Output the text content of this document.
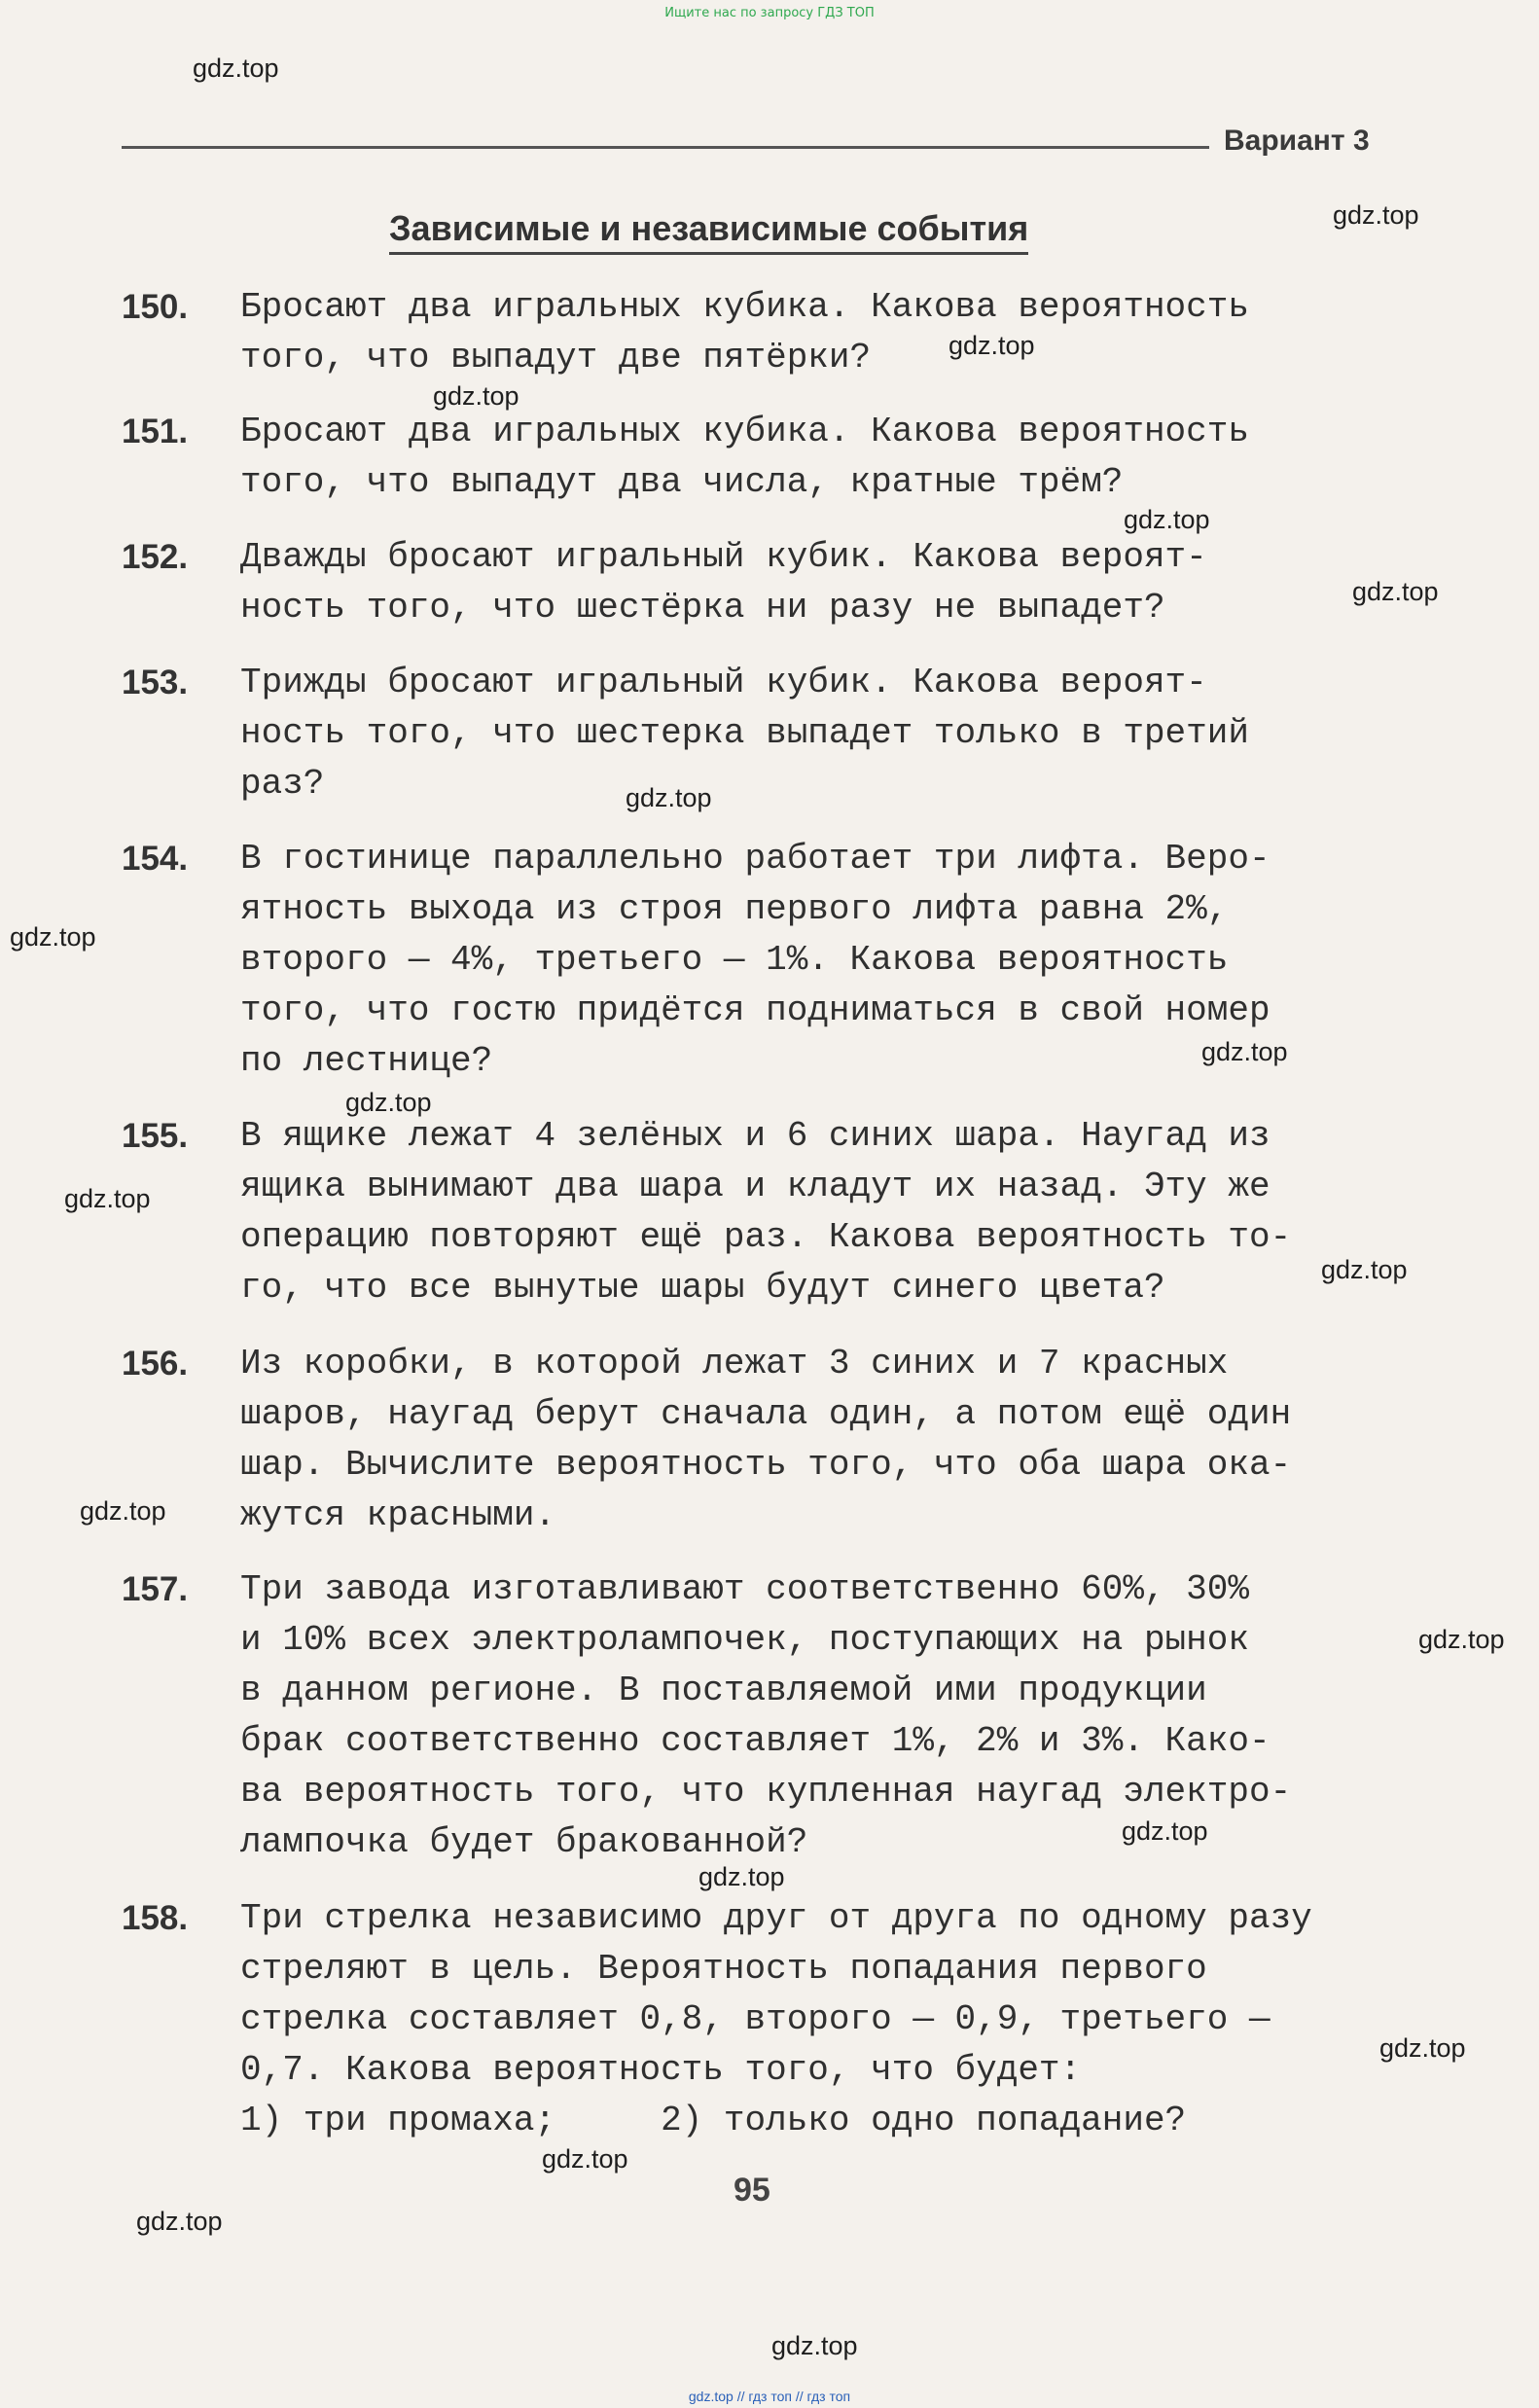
Ищите нас по запросу ГДЗ ТОП
Вариант 3
Зависимые и независимые события
150. Бросают два игральных кубика. Какова вероятность
того, что выпадут две пятёрки?
151. Бросают два игральных кубика. Какова вероятность
того, что выпадут два числа, кратные трём?
152. Дважды бросают игральный кубик. Какова вероят-
ность того, что шестёрка ни разу не выпадет?
153. Трижды бросают игральный кубик. Какова вероят-
ность того, что шестерка выпадет только в третий
раз?
154. В гостинице параллельно работает три лифта. Веро-
ятность выхода из строя первого лифта равна 2%,
второго — 4%, третьего — 1%. Какова вероятность
того, что гостю придётся подниматься в свой номер
по лестнице?
155. В ящике лежат 4 зелёных и 6 синих шара. Наугад из
ящика вынимают два шара и кладут их назад. Эту же
операцию повторяют ещё раз. Какова вероятность то-
го, что все вынутые шары будут синего цвета?
156. Из коробки, в которой лежат 3 синих и 7 красных
шаров, наугад берут сначала один, а потом ещё один
шар. Вычислите вероятность того, что оба шара ока-
жутся красными.
157. Три завода изготавливают соответственно 60%, 30%
и 10% всех электролампочек, поступающих на рынок
в данном регионе. В поставляемой ими продукции
брак соответственно составляет 1%, 2% и 3%. Како-
ва вероятность того, что купленная наугад электро-
лампочка будет бракованной?
158. Три стрелка независимо друг от друга по одному разу
стреляют в цель. Вероятность попадания первого
стрелка составляет 0,8, второго — 0,9, третьего —
0,7. Какова вероятность того, что будет:
1) три промаха;     2) только одно попадание?
95
gdz.top
gdz.top
gdz.top
gdz.top
gdz.top
gdz.top
gdz.top
gdz.top
gdz.top
gdz.top
gdz.top
gdz.top
gdz.top
gdz.top
gdz.top
gdz.top
gdz.top
gdz.top
gdz.top
gdz.top
gdz.top // гдз топ // гдз топ
